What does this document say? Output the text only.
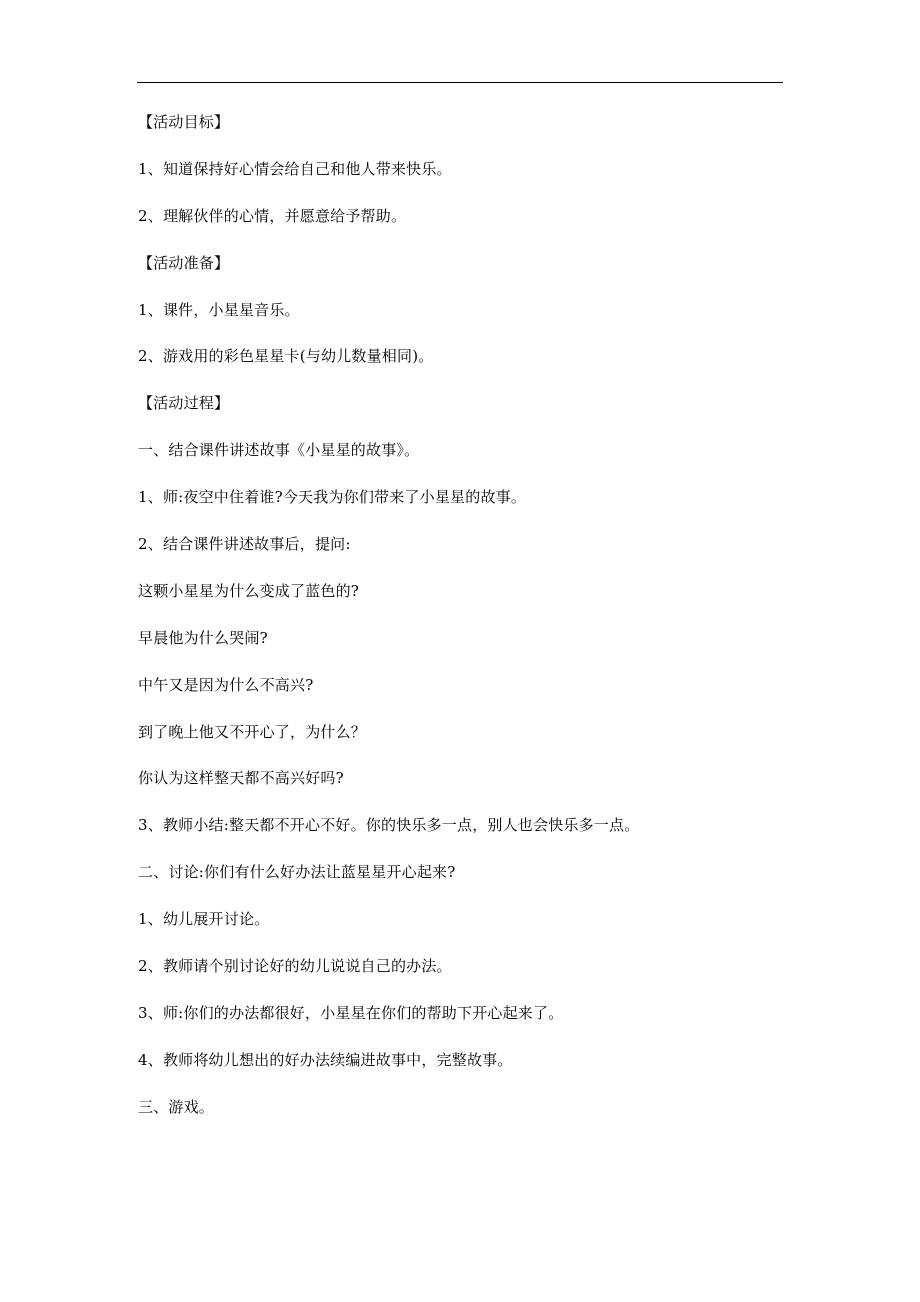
【活动目标】
1、知道保持好心情会给自己和他人带来快乐。
2、理解伙伴的心情，并愿意给予帮助。
【活动准备】
1、课件，小星星音乐。
2、游戏用的彩色星星卡(与幼儿数量相同)。
【活动过程】
一、结合课件讲述故事《小星星的故事》。
1、师:夜空中住着谁?今天我为你们带来了小星星的故事。
2、结合课件讲述故事后，提问:
这颗小星星为什么变成了蓝色的?
早晨他为什么哭闹?
中午又是因为什么不高兴?
到了晚上他又不开心了，为什么？
你认为这样整天都不高兴好吗?
3、教师小结:整天都不开心不好。你的快乐多一点，别人也会快乐多一点。
二、讨论:你们有什么好办法让蓝星星开心起来?
1、幼儿展开讨论。
2、教师请个别讨论好的幼儿说说自己的办法。
3、师:你们的办法都很好，小星星在你们的帮助下开心起来了。
4、教师将幼儿想出的好办法续编进故事中，完整故事。
三、游戏。
